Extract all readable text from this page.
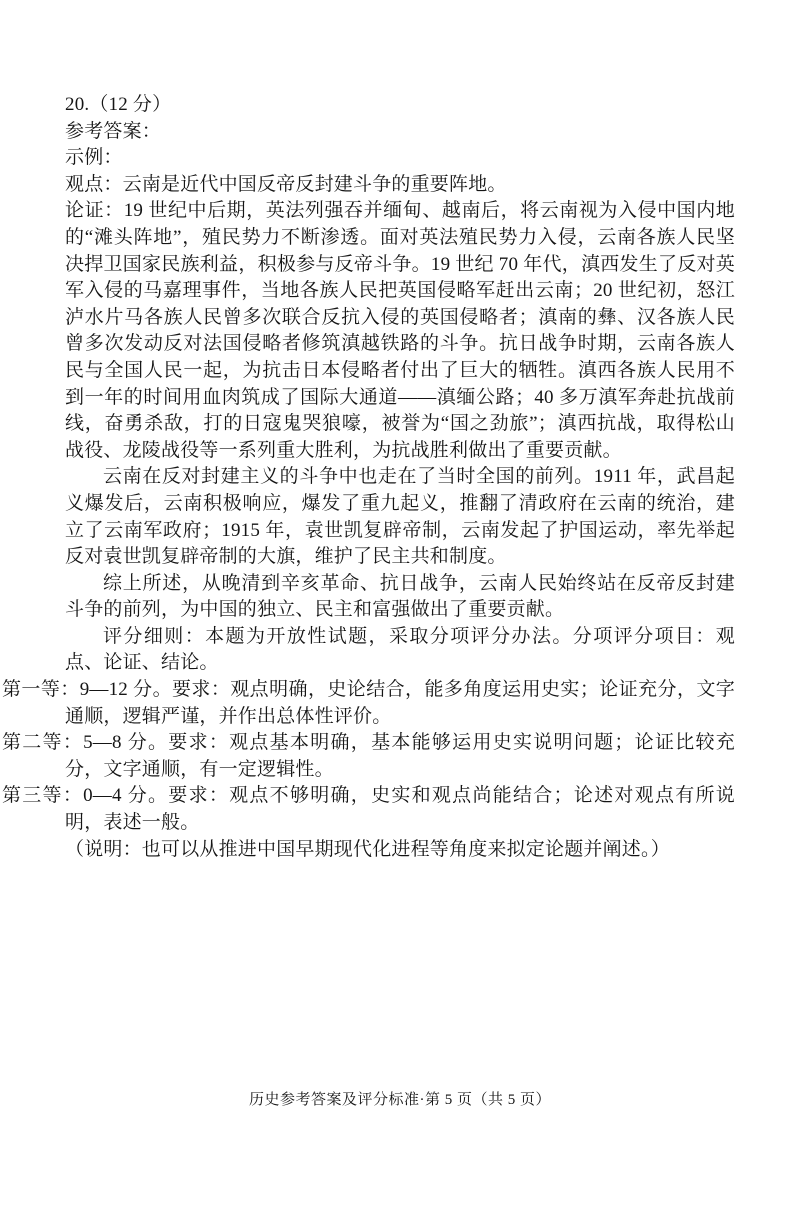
20.（12 分）

参考答案：

示例：

观点：云南是近代中国反帝反封建斗争的重要阵地。

论证：19 世纪中后期，英法列强吞并缅甸、越南后，将云南视为入侵中国内地的“滩头阵地”，殖民势力不断渗透。面对英法殖民势力入侵，云南各族人民坚决捍卫国家民族利益，积极参与反帝斗争。19 世纪 70 年代，滇西发生了反对英军入侵的马嘉理事件，当地各族人民把英国侵略军赶出云南；20 世纪初，怒江泸水片马各族人民曾多次联合反抗入侵的英国侵略者；滇南的彝、汉各族人民曾多次发动反对法国侵略者修筑滇越铁路的斗争。抗日战争时期，云南各族人民与全国人民一起，为抗击日本侵略者付出了巨大的牺牲。滇西各族人民用不到一年的时间用血肉筑成了国际大通道——滇缅公路；40 多万滇军奔赴抗战前线，奋勇杀敌，打的日寇鬼哭狼嚎，被誉为“国之劲旅”；滇西抗战，取得松山战役、龙陵战役等一系列重大胜利，为抗战胜利做出了重要贡献。

云南在反对封建主义的斗争中也走在了当时全国的前列。1911 年，武昌起义爆发后，云南积极响应，爆发了重九起义，推翻了清政府在云南的统治，建立了云南军政府；1915 年，袁世凯复辟帝制，云南发起了护国运动，率先举起反对袁世凯复辟帝制的大旗，维护了民主共和制度。

综上所述，从晚清到辛亥革命、抗日战争，云南人民始终站在反帝反封建斗争的前列，为中国的独立、民主和富强做出了重要贡献。

评分细则：本题为开放性试题，采取分项评分办法。分项评分项目：观点、论证、结论。

第一等：9—12 分。要求：观点明确，史论结合，能多角度运用史实；论证充分，文字通顺，逻辑严谨，并作出总体性评价。

第二等：5—8 分。要求：观点基本明确，基本能够运用史实说明问题；论证比较充分，文字通顺，有一定逻辑性。

第三等：0—4 分。要求：观点不够明确，史实和观点尚能结合；论述对观点有所说明，表述一般。

（说明：也可以从推进中国早期现代化进程等角度来拟定论题并阐述。）

历史参考答案及评分标准·第 5 页（共 5 页）
